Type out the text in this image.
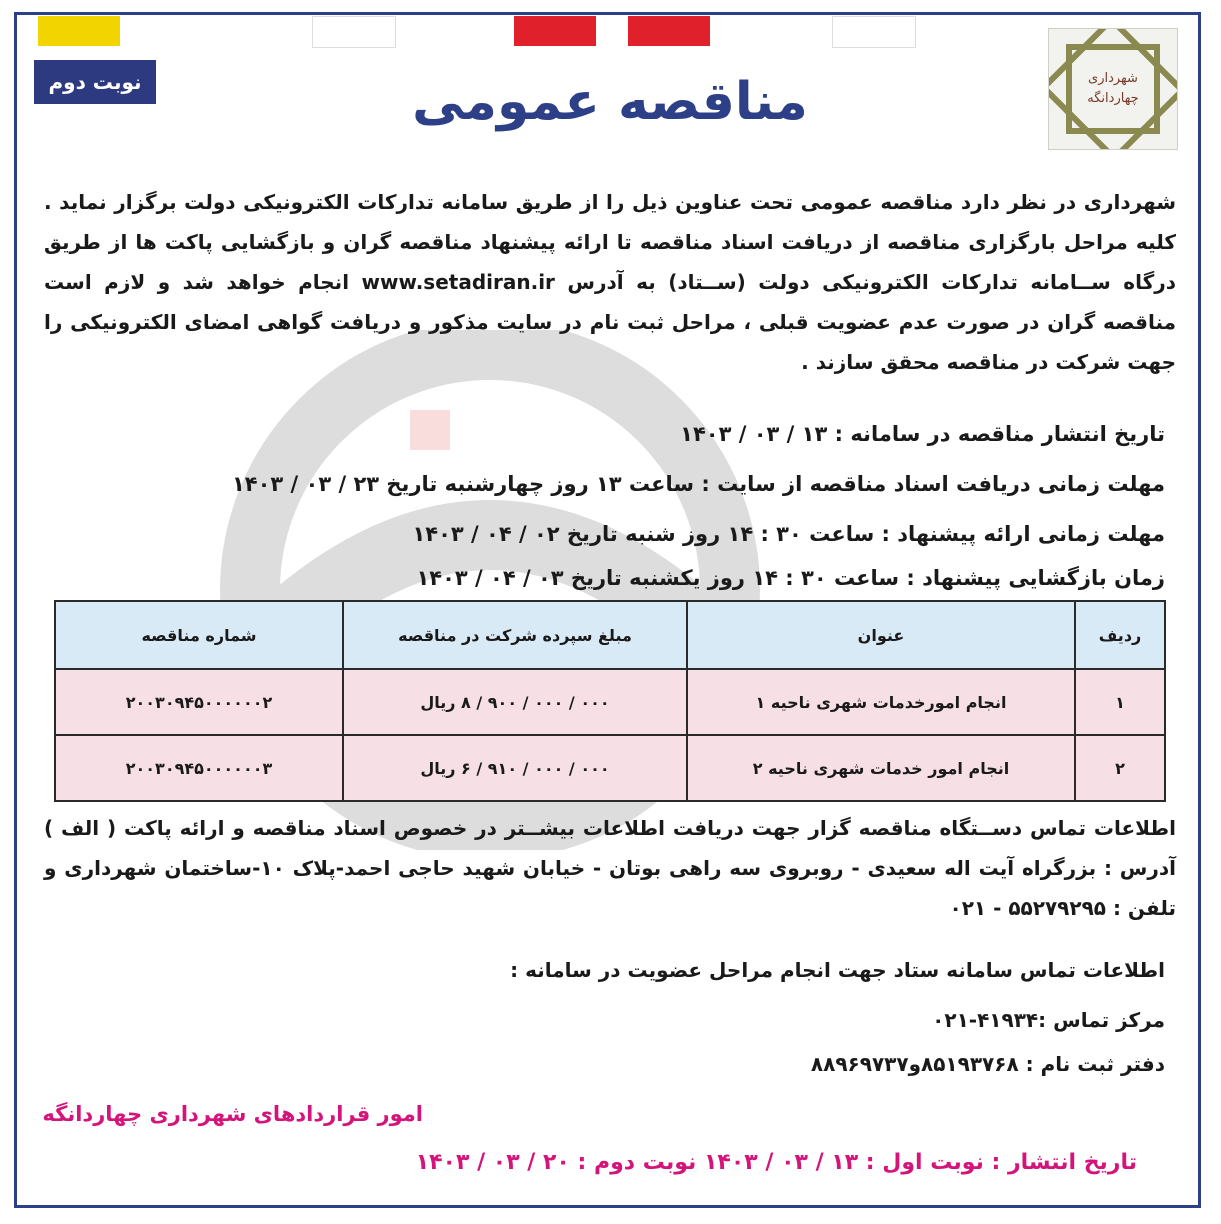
نوبت دوم	مناقصه عمومی	شهرداری
چهاردانگه
شهرداری در نظر دارد مناقصه عمومی تحت عناوین ذیل را از طریق سامانه تدارکات الکترونیکی دولت برگزار نماید . کلیه مراحل بارگزاری مناقصه از دریافت اسناد مناقصه تا ارائه پیشنهاد مناقصه گران و بازگشایی پاکت ها از طریق درگاه ســامانه تدارکات الکترونیکی دولت (ســتاد) به آدرس www.setadiran.ir انجام خواهد شد و لازم است مناقصه گران در صورت عدم عضویت قبلی ، مراحل ثبت نام در سایت مذکور و دریافت گواهی امضای الکترونیکی را جهت شرکت در مناقصه محقق سازند .
تاریخ انتشار مناقصه در سامانه : ۱۳ / ۰۳ / ۱۴۰۳
مهلت زمانی دریافت اسناد مناقصه از سایت : ساعت ۱۳ روز چهارشنبه تاریخ ۲۳ / ۰۳ / ۱۴۰۳
مهلت زمانی ارائه پیشنهاد : ساعت ۳۰ : ۱۴ روز شنبه تاریخ ۰۲ / ۰۴ / ۱۴۰۳
زمان بازگشایی پیشنهاد : ساعت ۳۰ : ۱۴ روز یکشنبه تاریخ ۰۳ / ۰۴ / ۱۴۰۳
ردیف	عنوان	مبلغ سپرده شرکت در مناقصه	شماره مناقصه
۱	انجام امورخدمات شهری ناحیه ۱	۰۰۰ / ۰۰۰ / ۹۰۰ / ۸ ریال	۲۰۰۳۰۹۴۵۰۰۰۰۰۰۲
۲	انجام امور خدمات شهری ناحیه ۲	۰۰۰ / ۰۰۰ / ۹۱۰ / ۶ ریال	۲۰۰۳۰۹۴۵۰۰۰۰۰۰۳
اطلاعات تماس دســتگاه مناقصه گزار جهت دریافت اطلاعات بیشــتر در خصوص اسناد مناقصه و ارائه پاکت ( الف ) آدرس : بزرگراه آیت اله سعیدی - روبروی سه راهی بوتان - خیابان شهید حاجی احمد-پلاک ۱۰-ساختمان شهرداری و تلفن : ۵۵۲۷۹۲۹۵ - ۰۲۱
اطلاعات تماس سامانه ستاد جهت انجام مراحل عضویت در سامانه :
مرکز تماس :۴۱۹۳۴-۰۲۱
دفتر ثبت نام : ۸۵۱۹۳۷۶۸و۸۸۹۶۹۷۳۷
امور قراردادهای شهرداری چهاردانگه
تاریخ انتشار : نوبت اول : ۱۳ / ۰۳ / ۱۴۰۳ نوبت دوم : ۲۰ / ۰۳ / ۱۴۰۳
